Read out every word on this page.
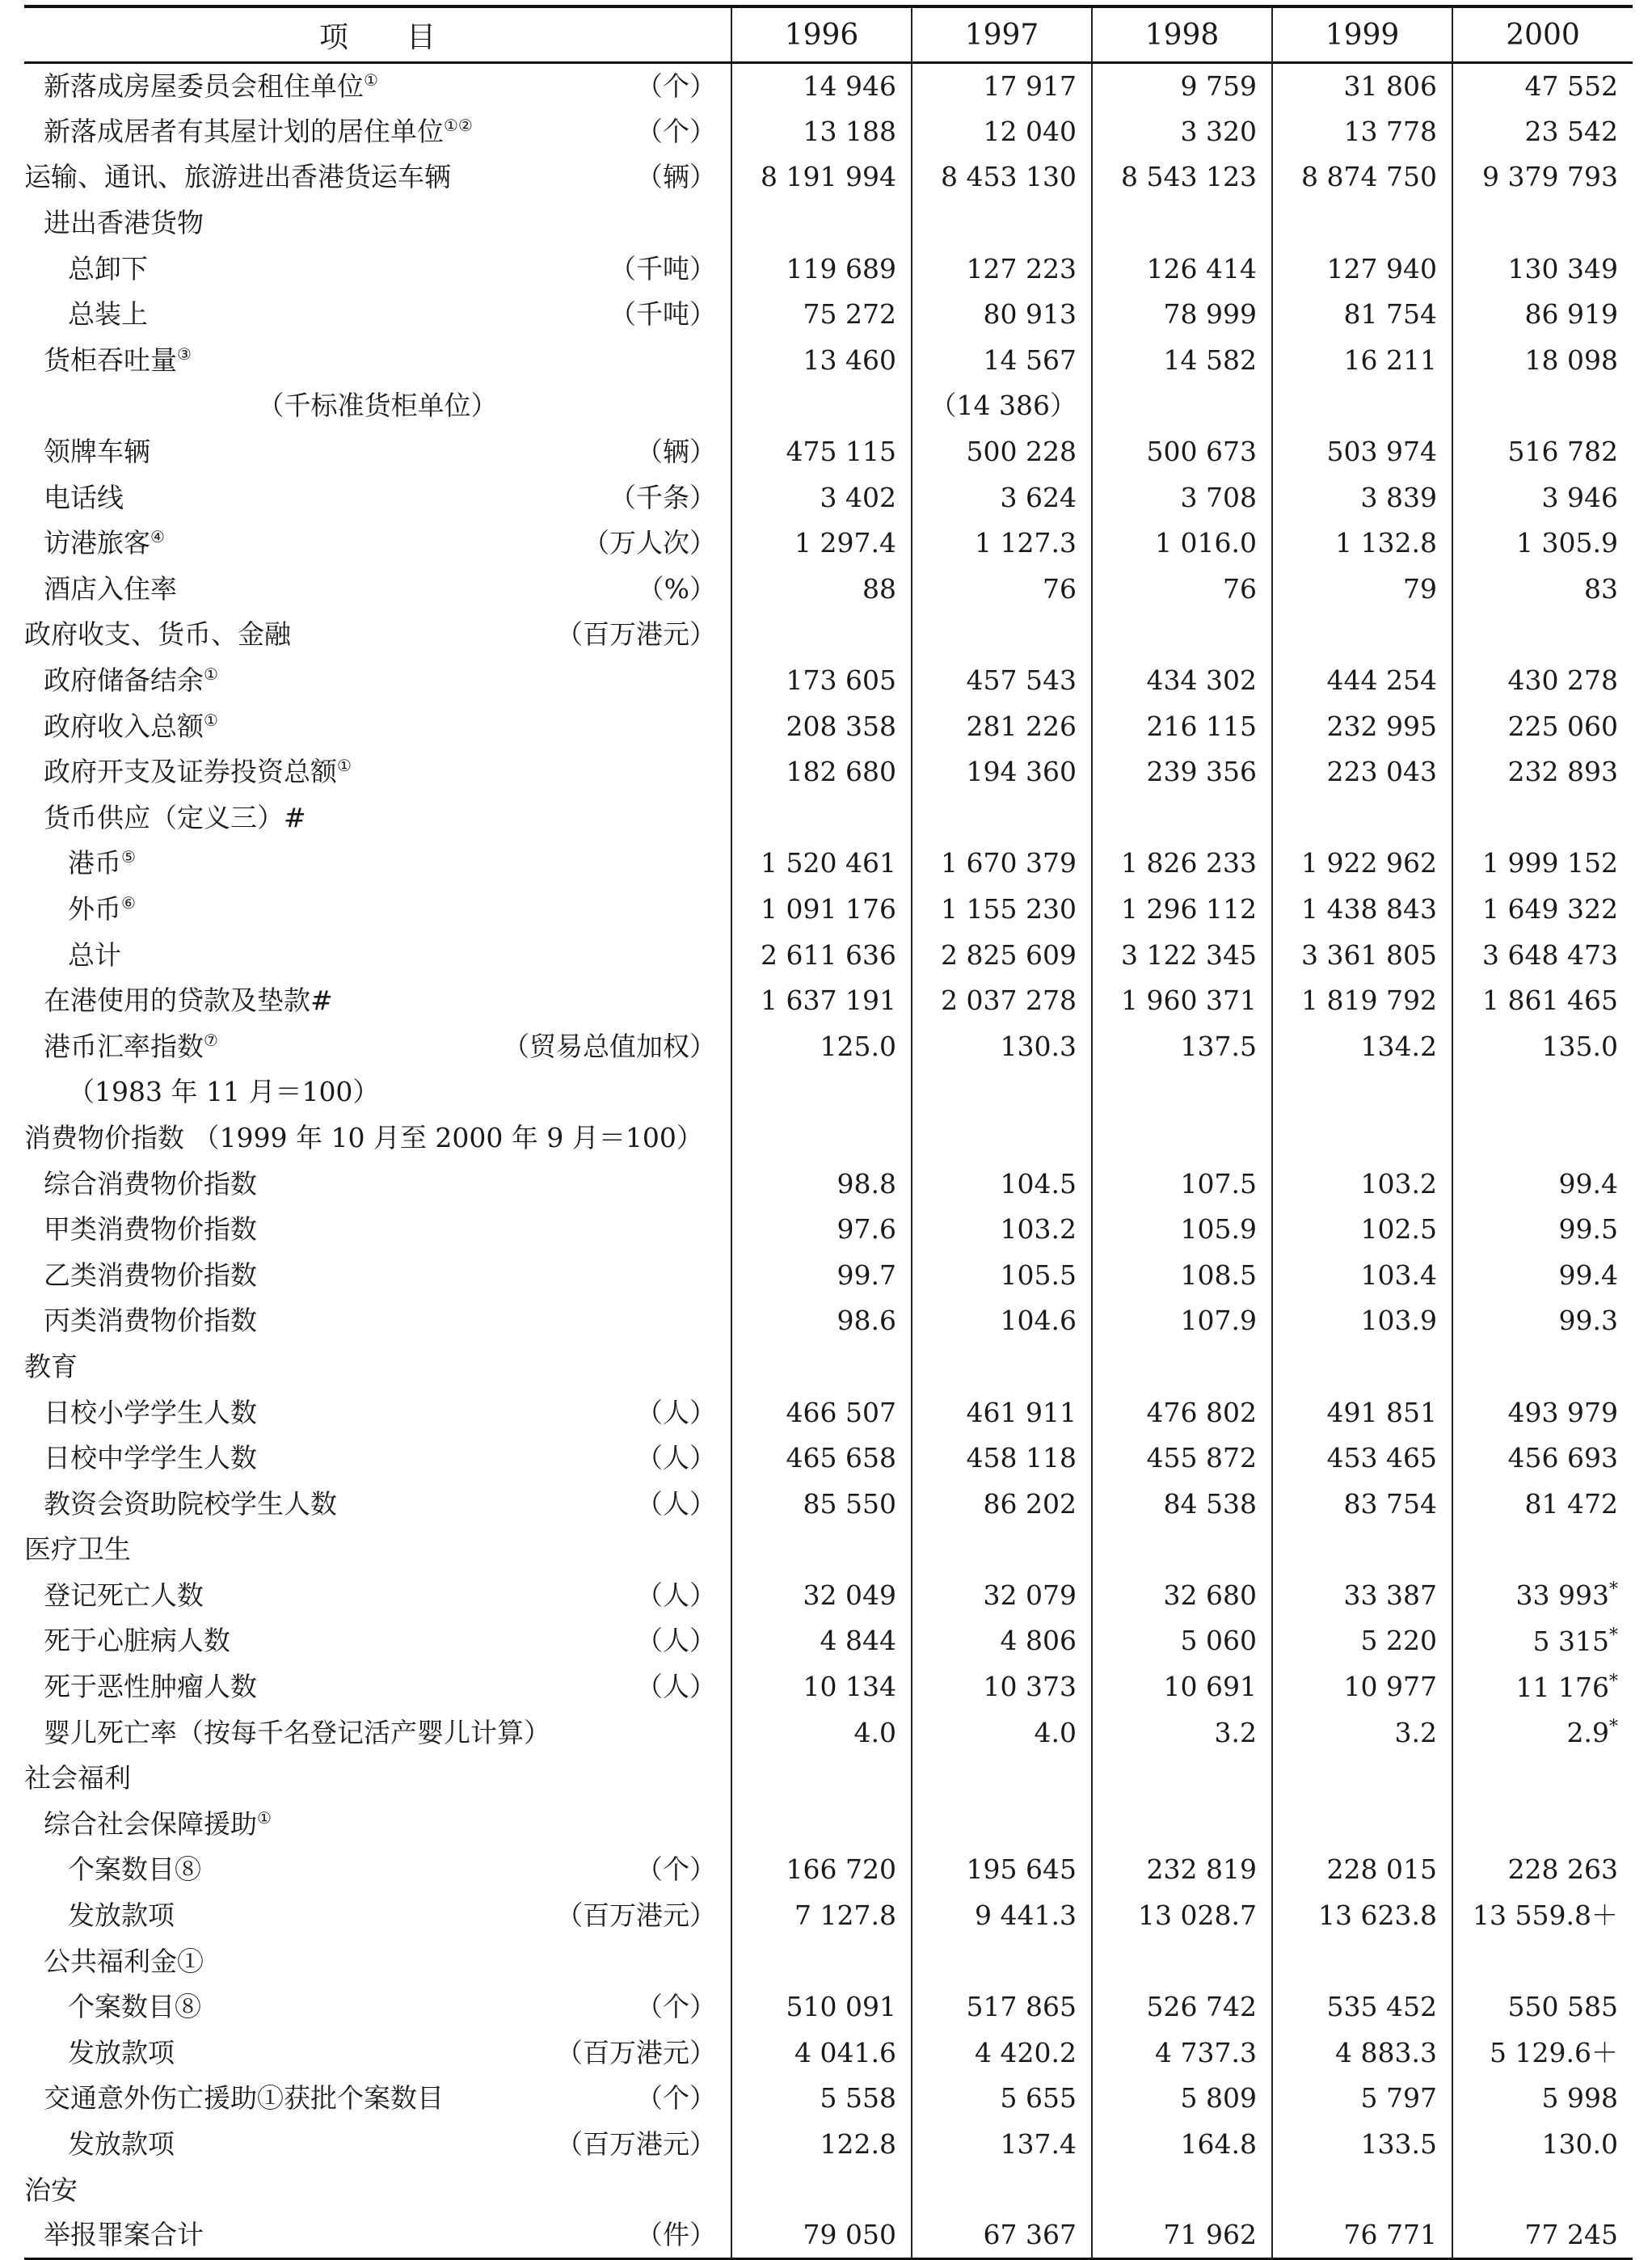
项　　目	1996	1997	1998	1999	2000

新落成房屋委员会租住单位① （个）	14 946	17 917	9 759	31 806	47 552

新落成居者有其屋计划的居住单位①② （个）	13 188	12 040	3 320	13 778	23 542

运输、通讯、旅游进出香港货运车辆 （辆）	8 191 994	8 453 130	8 543 123	8 874 750	9 379 793

进出香港货物					

总卸下 （千吨）	119 689	127 223	126 414	127 940	130 349

总装上 （千吨）	75 272	80 913	78 999	81 754	86 919

货柜吞吐量③	13 460	14 567	14 582	16 211	18 098

（千标准货柜单位）		（14 386）			

领牌车辆 （辆）	475 115	500 228	500 673	503 974	516 782

电话线 （千条）	3 402	3 624	3 708	3 839	3 946

访港旅客④ （万人次）	1 297.4	1 127.3	1 016.0	1 132.8	1 305.9

酒店入住率 （%）	88	76	76	79	83

政府收支、货币、金融 （百万港元）					

政府储备结余①	173 605	457 543	434 302	444 254	430 278

政府收入总额①	208 358	281 226	216 115	232 995	225 060

政府开支及证券投资总额①	182 680	194 360	239 356	223 043	232 893

货币供应（定义三）#					

港币⑤	1 520 461	1 670 379	1 826 233	1 922 962	1 999 152

外币⑥	1 091 176	1 155 230	1 296 112	1 438 843	1 649 322

总计	2 611 636	2 825 609	3 122 345	3 361 805	3 648 473

在港使用的贷款及垫款#	1 637 191	2 037 278	1 960 371	1 819 792	1 861 465

港币汇率指数⑦ （贸易总值加权）	125.0	130.3	137.5	134.2	135.0

（1983 年 11 月＝100）					

消费物价指数 （1999 年 10 月至 2000 年 9 月＝100）					

综合消费物价指数	98.8	104.5	107.5	103.2	99.4

甲类消费物价指数	97.6	103.2	105.9	102.5	99.5

乙类消费物价指数	99.7	105.5	108.5	103.4	99.4

丙类消费物价指数	98.6	104.6	107.9	103.9	99.3

教育					

日校小学学生人数 （人）	466 507	461 911	476 802	491 851	493 979

日校中学学生人数 （人）	465 658	458 118	455 872	453 465	456 693

教资会资助院校学生人数 （人）	85 550	86 202	84 538	83 754	81 472

医疗卫生					

登记死亡人数 （人）	32 049	32 079	32 680	33 387	33 993*

死于心脏病人数 （人）	4 844	4 806	5 060	5 220	5 315*

死于恶性肿瘤人数 （人）	10 134	10 373	10 691	10 977	11 176*

婴儿死亡率（按每千名登记活产婴儿计算）	4.0	4.0	3.2	3.2	2.9*

社会福利					

综合社会保障援助①

个案数目⑧ （个）	166 720	195 645	232 819	228 015	228 263

发放款项 （百万港元）	7 127.8	9 441.3	13 028.7	13 623.8	13 559.8＋

公共福利金①					

个案数目⑧ （个）	510 091	517 865	526 742	535 452	550 585

发放款项 （百万港元）	4 041.6	4 420.2	4 737.3	4 883.3	5 129.6＋

交通意外伤亡援助①获批个案数目 （个）	5 558	5 655	5 809	5 797	5 998

发放款项 （百万港元）	122.8	137.4	164.8	133.5	130.0

治安					

举报罪案合计 （件）	79 050	67 367	71 962	76 771	77 245
